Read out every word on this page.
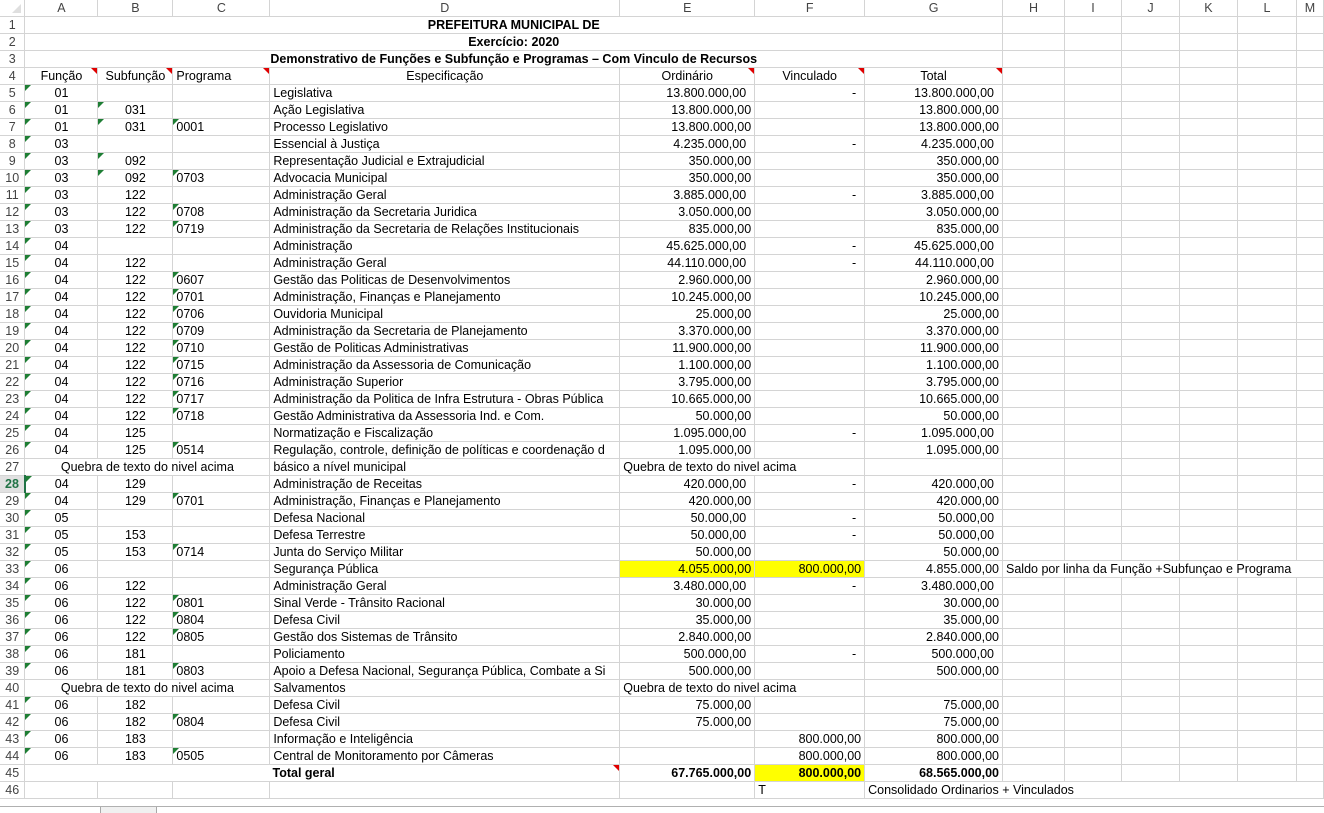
	A	B	C	D	E	F	G	H	I	J	K	L	M
1	PREFEITURA MUNICIPAL DE												
2	Exercício: 2020												
3	Demonstrativo de Funções e Subfunção e Programas – Com Vinculo de Recursos												
4	Função	Subfunção	Programa	Especificação	Ordinário	Vinculado	Total						
5	01			Legislativa	13.800.000,00	-	13.800.000,00						
6	01	031		Ação Legislativa	13.800.000,00		13.800.000,00						
7	01	031	0001	Processo Legislativo	13.800.000,00		13.800.000,00						
8	03			Essencial à Justiça	4.235.000,00	-	4.235.000,00						
9	03	092		Representação Judicial e Extrajudicial	350.000,00		350.000,00						
10	03	092	0703	Advocacia Municipal	350.000,00		350.000,00						
11	03	122		Administração Geral	3.885.000,00	-	3.885.000,00						
12	03	122	0708	Administração da Secretaria Juridica	3.050.000,00		3.050.000,00						
13	03	122	0719	Administração da Secretaria de Relações Institucionais	835.000,00		835.000,00						
14	04			Administração	45.625.000,00	-	45.625.000,00						
15	04	122		Administração Geral	44.110.000,00	-	44.110.000,00						
16	04	122	0607	Gestão das Politicas de Desenvolvimentos	2.960.000,00		2.960.000,00						
17	04	122	0701	Administração, Finanças e Planejamento	10.245.000,00		10.245.000,00						
18	04	122	0706	Ouvidoria Municipal	25.000,00		25.000,00						
19	04	122	0709	Administração da Secretaria de Planejamento	3.370.000,00		3.370.000,00						
20	04	122	0710	Gestão de Politicas Administrativas	11.900.000,00		11.900.000,00						
21	04	122	0715	Administração da Assessoria de Comunicação	1.100.000,00		1.100.000,00						
22	04	122	0716	Administração Superior	3.795.000,00		3.795.000,00						
23	04	122	0717	Administração da Politica de Infra Estrutura - Obras Pública	10.665.000,00		10.665.000,00						
24	04	122	0718	Gestão Administrativa da Assessoria Ind. e Com.	50.000,00		50.000,00						
25	04	125		Normatização e Fiscalização	1.095.000,00	-	1.095.000,00						
26	04	125	0514	Regulação, controle, definição de políticas e coordenação d	1.095.000,00		1.095.000,00						
27	Quebra de texto do nivel acima			básico a nível municipal	Quebra de texto do nivel acima								
28	04	129		Administração de Receitas	420.000,00	-	420.000,00						
29	04	129	0701	Administração, Finanças e Planejamento	420.000,00		420.000,00						
30	05			Defesa Nacional	50.000,00	-	50.000,00						
31	05	153		Defesa Terrestre	50.000,00	-	50.000,00						
32	05	153	0714	Junta do Serviço Militar	50.000,00		50.000,00						
33	06			Segurança Pública	4.055.000,00	800.000,00	4.855.000,00	Saldo por linha da Função +Subfunçao e Programa					
34	06	122		Administração Geral	3.480.000,00	-	3.480.000,00						
35	06	122	0801	Sinal Verde - Trânsito Racional	30.000,00		30.000,00						
36	06	122	0804	Defesa Civil	35.000,00		35.000,00						
37	06	122	0805	Gestão dos Sistemas de Trânsito	2.840.000,00		2.840.000,00						
38	06	181		Policiamento	500.000,00	-	500.000,00						
39	06	181	0803	Apoio a Defesa Nacional, Segurança Pública, Combate a Si	500.000,00		500.000,00						
40	Quebra de texto do nivel acima			Salvamentos	Quebra de texto do nivel acima								
41	06	182		Defesa Civil	75.000,00		75.000,00						
42	06	182	0804	Defesa Civil	75.000,00		75.000,00						
43	06	183		Informação e Inteligência		800.000,00	800.000,00						
44	06	183	0505	Central de Monitoramento por Câmeras		800.000,00	800.000,00						
45	Total geral				67.765.000,00	800.000,00	68.565.000,00						
46						T	Consolidado Ordinarios + Vinculados						
